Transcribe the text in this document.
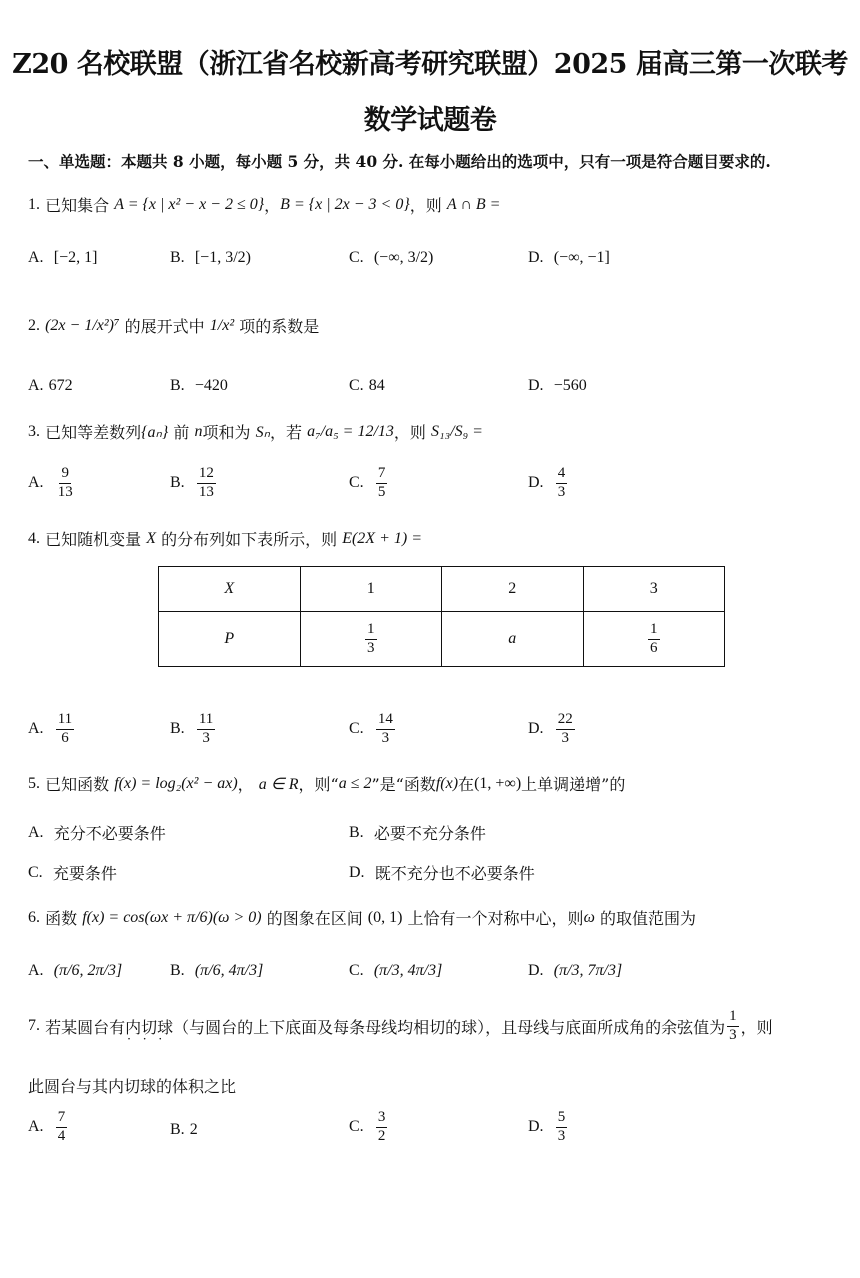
Z20 名校联盟（浙江省名校新高考研究联盟）2025 届高三第一次联考
数学试题卷
一、单选题：本题共 8 小题，每小题 5 分，共 40 分. 在每小题给出的选项中，只有一项是符合题目要求的.
1.
已知集合
A = {x | x² − x − 2 ≤ 0} ， B = {x | 2x − 3 < 0} ，则
A ∩ B =
A.
[−2, 1]	B.
[−1, 3/2)	C.
(−∞, 3/2)	D.
(−∞, −1]
2.
(2x − 1/x²)⁷
的展开式中
1/x²
项的系数是
A.
672	B.
−420	C.
84	D.
−560
3.
已知等差数列 {aₙ}
前
n 项和为
Sₙ ，若
a₇/a₅ = 12/13 ，则
S₁₃/S₉ =
A.
$\frac{9}{13}$	B.
$\frac{12}{13}$	C.
$\frac{7}{5}$	D.
$\frac{4}{3}$
4.
已知随机变量
X
的分布列如下表所示，则
E(2X + 1) =
X	1	2	3
P	$\frac{1}{3}$	a	$\frac{1}{6}$
A.
$\frac{11}{6}$	B.
$\frac{11}{3}$	C.
$\frac{14}{3}$	D.
$\frac{22}{3}$
5.
已知函数
f(x) = log₂(x² − ax) ，
a ∈ R ，则“ a ≤ 2 ”是“函数 f(x) 在 (1, +∞) 上单调递增”的
A.
充分不必要条件	B.
必要不充分条件
C.
充要条件	D.
既不充分也不必要条件
6.
函数
f(x) = cos(ωx + π/6)(ω > 0)
的图象在区间
(0, 1)
上恰有一个对称中心，则 ω
的取值范围为
A.
(π/6, 2π/3]	B.
(π/6, 4π/3]	C.
(π/3, 4π/3]	D.
(π/3, 7π/3]
7.
若某圆台有 内切球 · · · （与圆台的上下底面及每条母线均相切的球），且母线与底面所成角的余弦值为 $\frac{1}{3}$ ，则
此圆台与其内切球的体积之比
A.
$\frac{7}{4}$	B.
2	C.
$\frac{3}{2}$	D.
$\frac{5}{3}$
